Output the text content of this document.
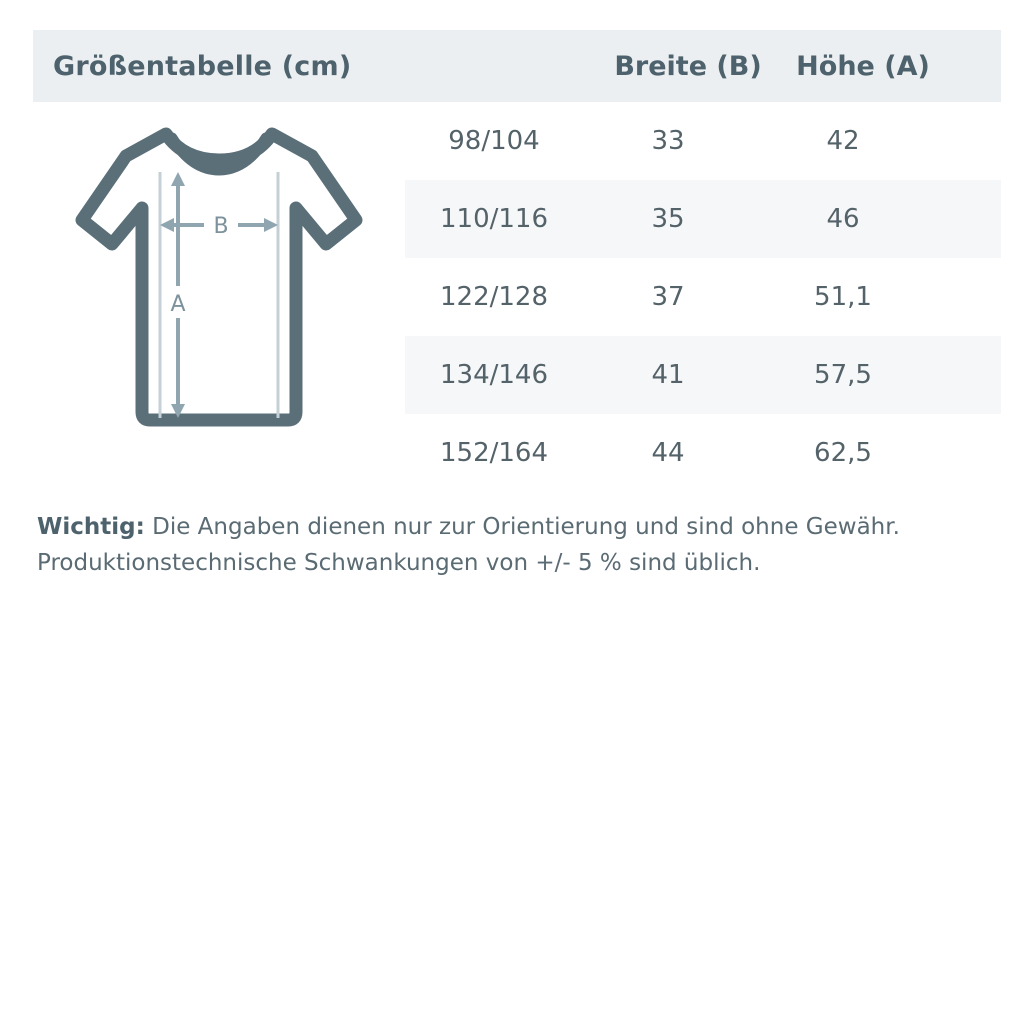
Größentabelle (cm)	Breite (B)	Höhe (A)
B
A
98/104	33	42
110/116	35	46
122/128	37	51,1
134/146	41	57,5
152/164	44	62,5
Wichtig: Die Angaben dienen nur zur Orientierung und sind ohne Gewähr.
Produktionstechnische Schwankungen von +/- 5 % sind üblich.
